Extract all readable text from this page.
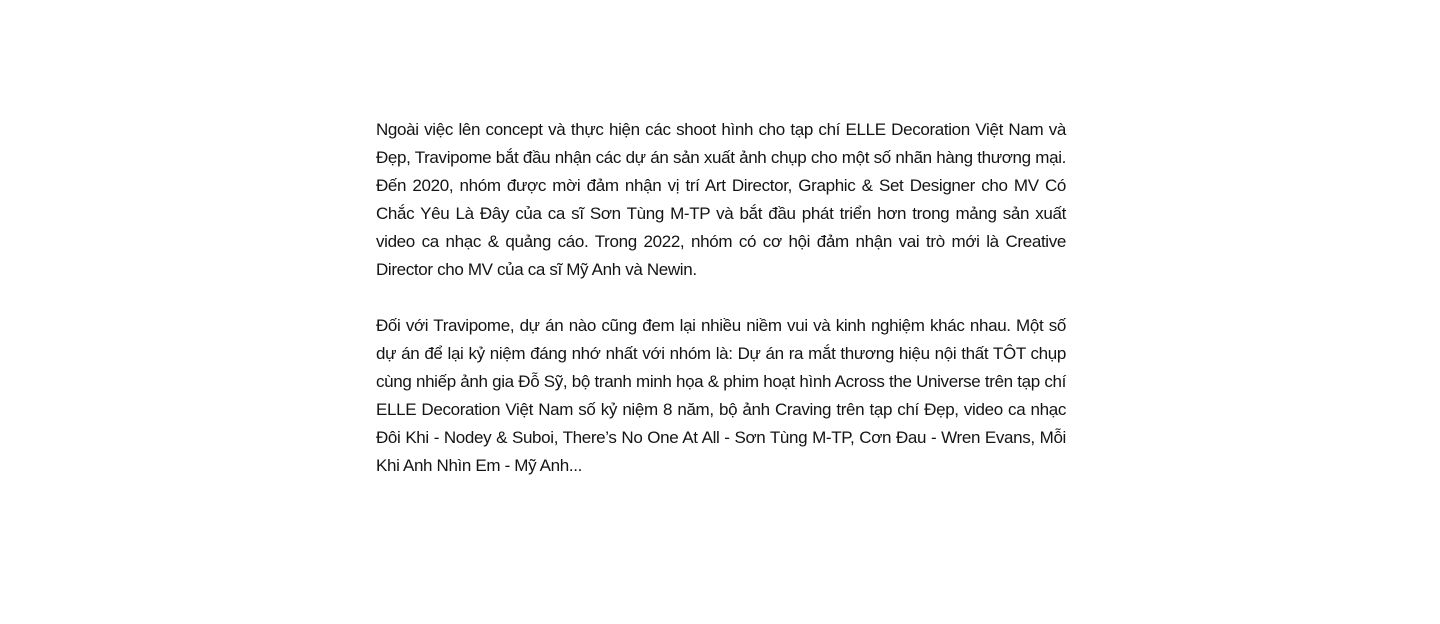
Ngoài việc lên concept và thực hiện các shoot hình cho tạp chí ELLE Decoration Việt Nam và Đẹp, Travipome bắt đầu nhận các dự án sản xuất ảnh chụp cho một số nhãn hàng thương mại. Đến 2020, nhóm được mời đảm nhận vị trí Art Director, Graphic & Set Designer cho MV Có Chắc Yêu Là Đây của ca sĩ Sơn Tùng M-TP và bắt đầu phát triển hơn trong mảng sản xuất video ca nhạc & quảng cáo. Trong 2022, nhóm có cơ hội đảm nhận vai trò mới là Creative Director cho MV của ca sĩ Mỹ Anh và Newin.

Đối với Travipome, dự án nào cũng đem lại nhiều niềm vui và kinh nghiệm khác nhau. Một số dự án để lại kỷ niệm đáng nhớ nhất với nhóm là: Dự án ra mắt thương hiệu nội thất TÔT chụp cùng nhiếp ảnh gia Đỗ Sỹ, bộ tranh minh họa & phim hoạt hình Across the Universe trên tạp chí ELLE Decoration Việt Nam số kỷ niệm 8 năm, bộ ảnh Craving trên tạp chí Đẹp, video ca nhạc Đôi Khi - Nodey & Suboi, There’s No One At All - Sơn Tùng M-TP, Cơn Đau - Wren Evans, Mỗi Khi Anh Nhìn Em - Mỹ Anh...
